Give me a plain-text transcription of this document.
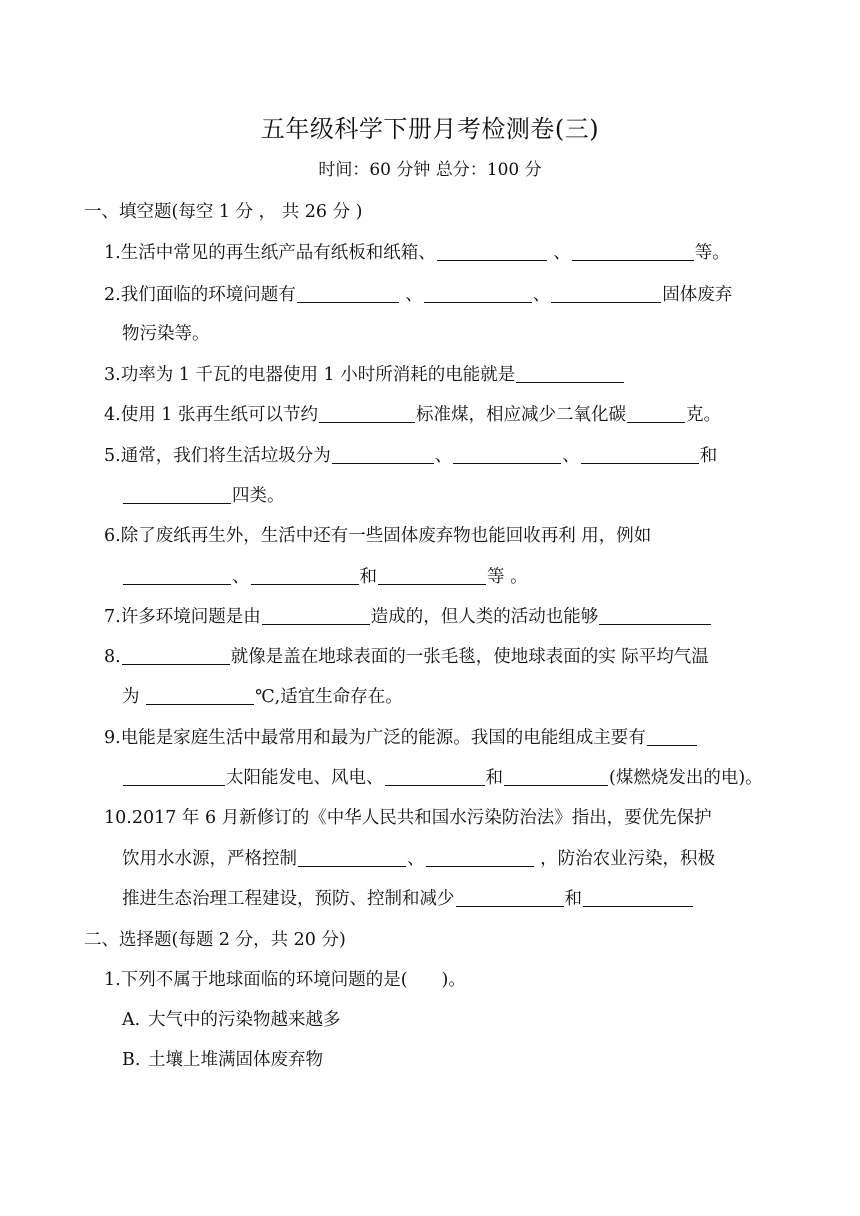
五年级科学下册月考检测卷(三)
时间：60 分钟 总分：100 分
一、填空题(每空 1 分 ， 共 26 分 )
1.生活中常见的再生纸产品有纸板和纸箱、	、	等。
2.我们面临的环境问题有	、	、	固体废弃
物污染等。
3.功率为 1 千瓦的电器使用 1 小时所消耗的电能就是
4.使用 1 张再生纸可以节约	标准煤，相应减少二氧化碳	克。
5.通常，我们将生活垃圾分为	、	、	和
四类。
6.除了废纸再生外，生活中还有一些固体废弃物也能回收再利 用，例如
、	和	等 。
7.许多环境问题是由	造成的，但人类的活动也能够
8.	就像是盖在地球表面的一张毛毯，使地球表面的实 际平均气温
为	℃,适宜生命存在。
9.电能是家庭生活中最常用和最为广泛的能源。我国的电能组成主要有
太阳能发电、风电、	和	(煤燃烧发出的电)。
10.2017 年 6 月新修订的《中华人民共和国水污染防治法》指出，要优先保护
饮用水水源，严格控制	、	，防治农业污染，积极
推进生态治理工程建设，预防、控制和减少	和
二、选择题(每题 2 分，共 20 分)
1.下列不属于地球面临的环境问题的是( )。
A. 大气中的污染物越来越多
B. 土壤上堆满固体废弃物
